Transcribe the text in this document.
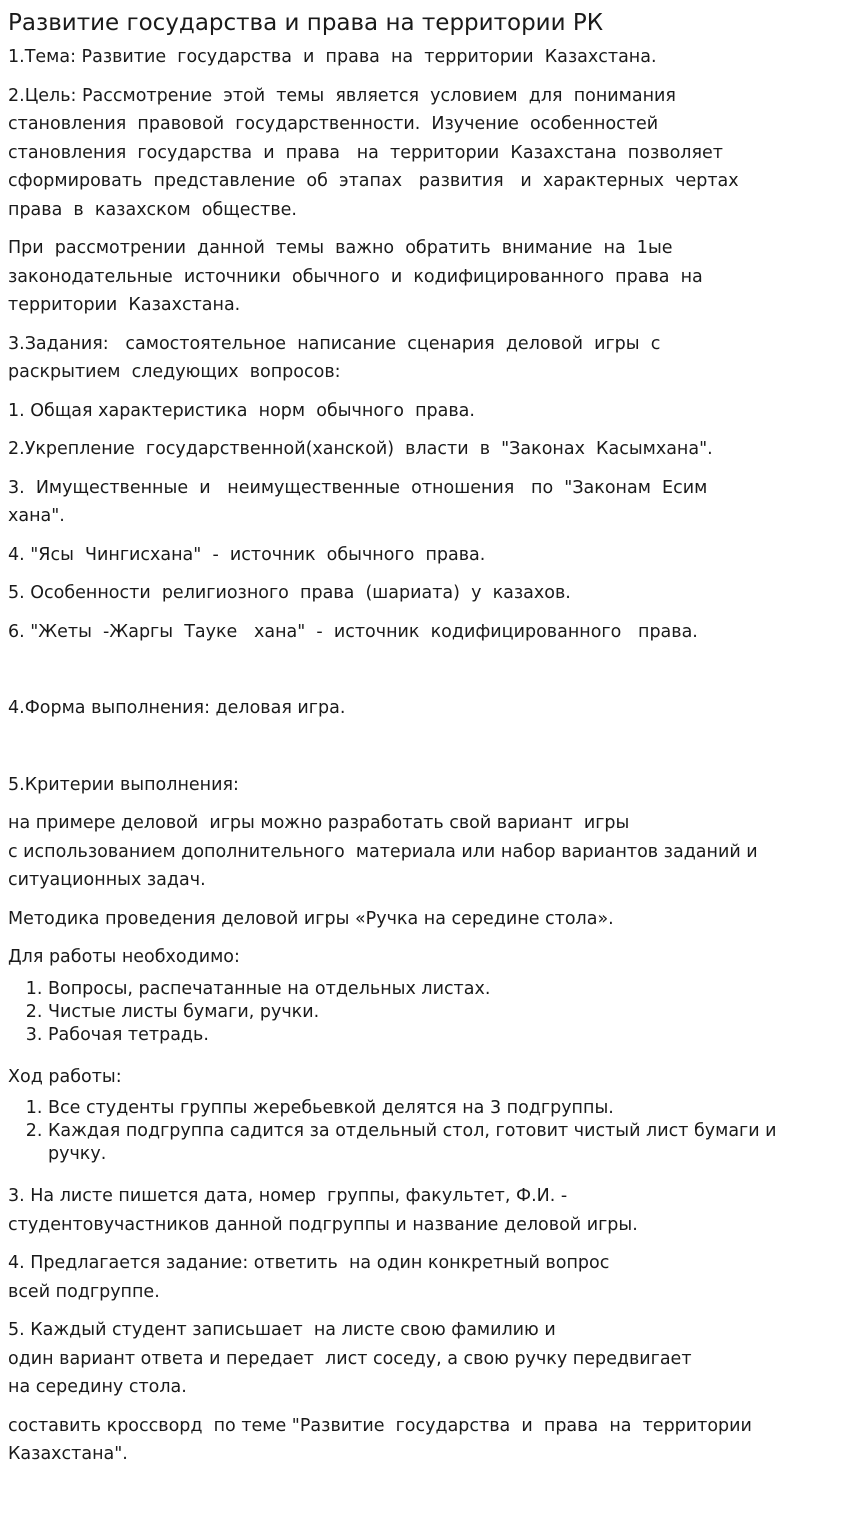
Развитие государства и права на территории РК

1.Тема: Развитие  государства  и  права  на  территории  Казахстана.

2.Цель: Рассмотрение  этой  темы  является  условием  для  понимания
становления  правовой  государственности.  Изучение  особенностей
становления  государства  и  права   на  территории  Казахстана  позволяет
сформировать  представление  об  этапах   развития   и  характерных  чертах
права  в  казахском  обществе.

При  рассмотрении  данной  темы  важно  обратить  внимание  на  1ые
законодательные  источники  обычного  и  кодифицированного  права  на
территории  Казахстана.

3.Задания:   самостоятельное  написание  сценария  деловой  игры  с
раскрытием  следующих  вопросов:

1. Общая характеристика  норм  обычного  права.

2.Укрепление  государственной(ханской)  власти  в  "Законах  Касымхана".

3.  Имущественные  и   неимущественные  отношения   по  "Законам  Есим
хана".

4. "Ясы  Чингисхана"  -  источник  обычного  права.

5. Особенности  религиозного  права  (шариата)  у  казахов.

6. "Жеты  -Жаргы  Тауке   хана"  -  источник  кодифицированного   права.

4.Форма выполнения: деловая игра.

5.Критерии выполнения:

на примере деловой  игры можно разработать свой вариант  игры
с использованием дополнительного  материала или набор вариантов заданий и
ситуационных задач.

Методика проведения деловой игры «Ручка на середине стола».

Для работы необходимо:

1. Вопросы, распечатанные на отдельных листах.
2. Чистые листы бумаги, ручки.
3. Рабочая тетрадь.

Ход работы:

1. Все студенты группы жеребьевкой делятся на 3 подгруппы.
2. Каждая подгруппа садится за отдельный стол, готовит чистый лист бумаги и ручку.

3. На листе пишется дата, номер  группы, факультет, Ф.И. -
студентовучастников данной подгруппы и название деловой игры.

4. Предлагается задание: ответить  на один конкретный вопрос
всей подгруппе.

5. Каждый студент записьшает  на листе свою фамилию и
один вариант ответа и передает  лист соседу, а свою ручку передвигает
на середину стола.

составить кроссворд  по теме "Развитие  государства  и  права  на  территории
Казахстана".
